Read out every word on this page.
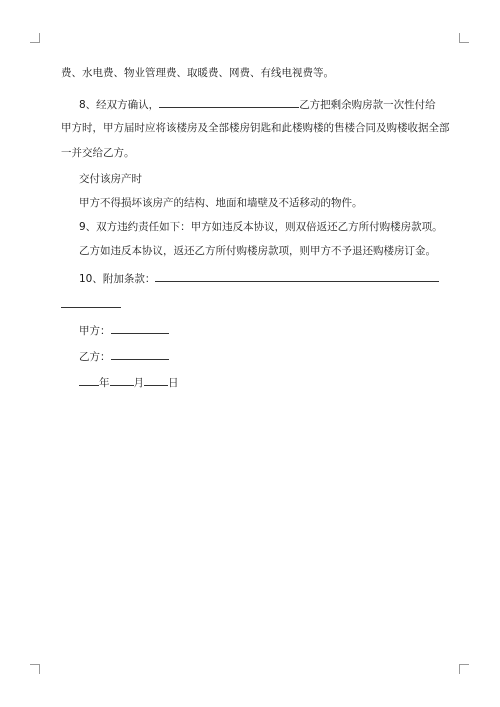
费、水电费、物业管理费、取暖费、网费、有线电视费等。
8、经双方确认，	乙方把剩余购房款一次性付给
甲方时，甲方届时应将该楼房及全部楼房钥匙和此楼购楼的售楼合同及购楼收据全部
一并交给乙方。
交付该房产时
甲方不得损坏该房产的结构、地面和墙壁及不适移动的物件。
9、双方违约责任如下：甲方如违反本协议，则双倍返还乙方所付购楼房款项。
乙方如违反本协议，返还乙方所付购楼房款项，则甲方不予退还购楼房订金。
10、附加条款：
甲方：
乙方：
年 月 日
